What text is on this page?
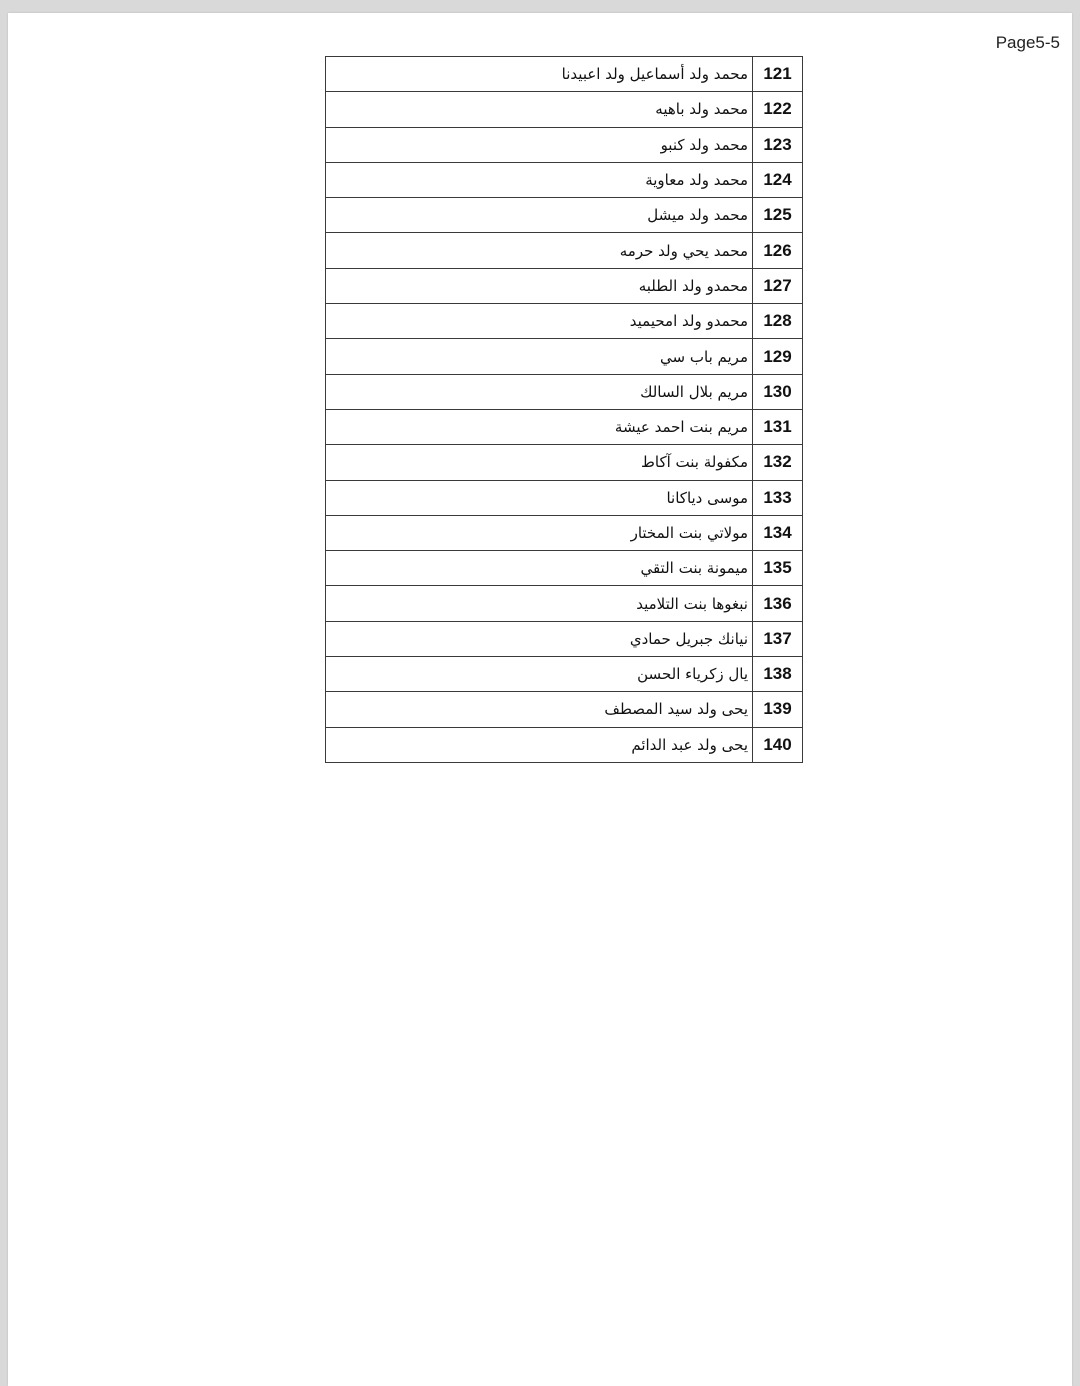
Page5-5
121	محمد ولد أسماعيل ولد اعبيدنا
122	محمد ولد باهيه
123	محمد ولد كنبو
124	محمد ولد معاوية
125	محمد ولد ميشل
126	محمد يحي ولد حرمه
127	محمدو ولد الطلبه
128	محمدو ولد امحيميد
129	مريم باب سي
130	مريم بلال السالك
131	مريم بنت احمد عيشة
132	مكفولة بنت آكاط
133	موسى دياكانا
134	مولاتي بنت المختار
135	ميمونة بنت التقي
136	نبغوها بنت التلاميد
137	نيانك جبريل حمادي
138	يال زكرياء الحسن
139	يحى ولد سيد المصطف
140	يحى ولد عبد الدائم
